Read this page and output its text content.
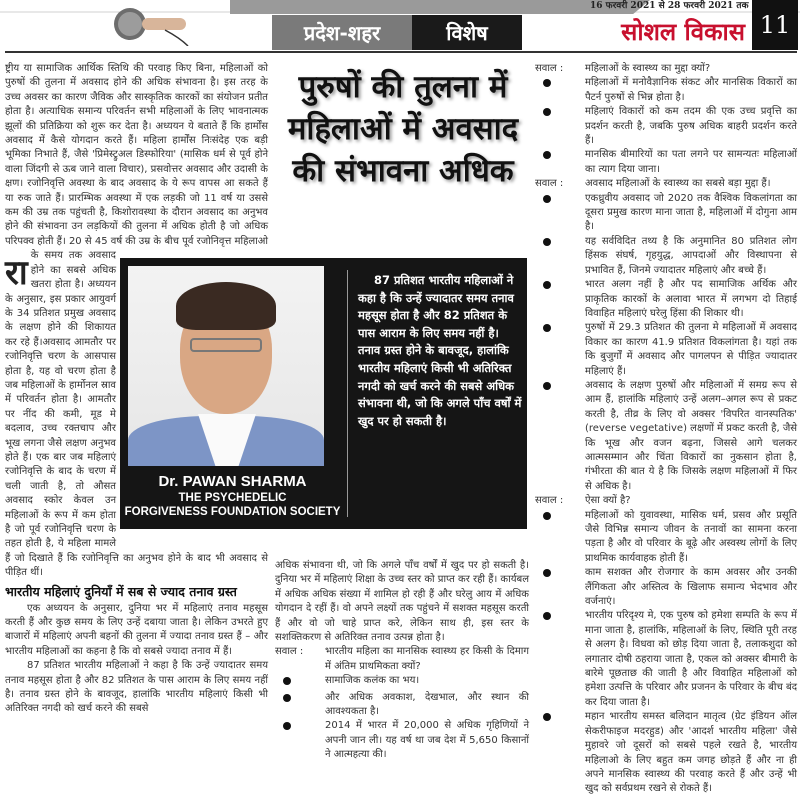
प्रदेश-शहर	विशेष
16 फरवरी 2021 से 28 फरवरी 2021 तक
सोशल विकास 11

रा
ष्ट्रीय या सामाजिक आर्थिक स्तिथि की परवाह किए बिना, महिलाओं को पुरुषों की तुलना में अवसाद होने की अधिक संभावना है। इस तरह के उच्च अवसर का कारण जैविक और सास्कृतिक कारकों का संयोजन प्रतीत होता है। अत्याधिक समान्य परिवर्तन सभी महिलाओं के लिए भावनात्मक झूलों की प्रतिक्रिया को शुरू कर देता है। अध्ययन ये बताते हैं कि हार्मोंस अवसाद में कैसे योगदान करते हैं। महिला हार्मोंस निःसंदेह एक बड़ी भूमिका निभाते हैं, जैसे 'प्रिमेस्ट्रुअल डिस्फोरिया' (मासिक धर्म से पूर्व होने वाला जिंदगी से ऊब जाने वाला विचार), प्रसवोत्तर अवसाद और उदासी के क्षण। रजोनिवृत्ति अवस्था के बाद अवसाद के ये रूप वापस आ सकते हैं या रुक जाते हैं। प्रारम्भिक अवस्था में एक लड़की जो 11 वर्ष या उससे कम की उम्र तक पहुंचती है, किशोरावस्था के दौरान अवसाद का अनुभव होने की संभावना उन लड़कियों की तुलना में अधिक होती है जो अधिक परिपक्व होती हैं। 20 से 45 वर्ष की उम्र के बीच पूर्व रजोनिवृत्त महिलाओ के समय तक अवसाद होने का सबसे अधिक खतरा होता है। अध्ययन के अनुसार, इस प्रकार आयुवर्ग के 34 प्रतिशत प्रमुख अवसाद के लक्षण होने की शिकायत कर रहे हैं।अवसाद आमतौर पर रजोनिवृत्ति चरण के आसपास होता है, यह वो चरण होता है जब महिलाओं के हार्मोनल स्राव में परिवर्तन होता है। आमतौर पर नींद की कमी, मूड मे बदलाव, उच्च रक्तचाप और भूख लगना जैसे लक्षण अनुभव होते हैं। एक बार जब महिलाएं रजोनिवृत्ति के बाद के चरण में चली जाती है, तो औसत अवसाद स्कोर केवल उन महिलाओं के रूप में कम होता है जो पूर्व रजोनिवृत्ति चरण के तहत होती है, ये महिला मामले हैं जो दिखाते हैं कि रजोनिवृत्ति का अनुभव होने के बाद भी अवसाद से पीड़ित थीं।

भारतीय महिलाएं दुनियाँ में सब से ज्याद तनाव ग्रस्त

एक अध्ययन के अनुसार, दुनिया भर में महिलाएं तनाव महसूस करती हैं और कुछ समय के लिए उन्हें दबाया जाता है। लेकिन उभरते हुए बाजारों में महिलाएं अपनी बहनों की तुलना में ज्यादा तनाव ग्रस्त हैं – और भारतीय महिलाओं का कहना है कि वो सबसे ज्यादा तनाव में हैं।

87 प्रतिशत भारतीय महिलाओं ने कहा है कि उन्हें ज्यादातर समय तनाव महसूस होता है और 82 प्रतिशत के पास आराम के लिए समय नहीं है। तनाव ग्रस्त होने के बावजूद, हालांकि भारतीय महिलाएं किसी भी अतिरिक्त नगदी को खर्च करने की सबसे

पुरुषों की तुलना में महिलाओं में अवसाद की संभावना अधिक
Dr. PAWAN SHARMA
THE PSYCHEDELIC
FORGIVENESS FOUNDATION SOCIETY
87 प्रतिशत भारतीय महिलाओं ने कहा है कि उन्हें ज्यादातर समय तनाव महसूस होता है और 82 प्रतिशत के पास आराम के लिए समय नहीं है। तनाव ग्रस्त होने के बावजूद, हालांकि भारतीय महिलाएं किसी भी अतिरिक्त नगदी को खर्च करने की सबसे अधिक संभावना थी, जो कि अगले पाँच वर्षों में खुद पर हो सकती है।

अधिक संभावना थी, जो कि अगले पाँच वर्षों में खुद पर हो सकती है। दुनिया भर में महिलाएं शिक्षा के उच्च स्तर को प्राप्त कर रही हैं। कार्यबल में अधिक अधिक संख्या में शामिल हो रही हैं और घरेलु आय में अधिक योगदान दे रहीं हैं। वो अपने लक्ष्यों तक पहुंचने में सशक्त महसूस करती हैं और वो जो चाहे प्राप्त करे, लेकिन साथ ही, इस स्तर के सशक्तिकरण से अतिरिक्त तनाव उत्पन्न होता है।

सवाल :	भारतीय महिला का मानसिक स्वास्थ्य हर किसी के दिमाग में अंतिम प्राथमिकता क्यों?
सामाजिक कलंक का भय।
और अधिक अवकाश, देखभाल, और स्थान की आवश्यकता है।
2014 में भारत में 20,000 से अधिक गृहिणियों ने अपनी जान ली। यह वर्ष था जब देश में 5,650 किसानों ने आत्महत्या की।
सवाल :	महिलाओं के स्वास्थ्य का मुद्दा क्यों?
महिलाओं में मनोवैज्ञानिक संकट और मानसिक विकारों का पैटर्न पुरुषों से भिन्न होता है।
महिलाएं विकारों को कम तदम की एक उच्च प्रवृत्ति का प्रदर्शन करती है, जबकि पुरुष अधिक बाहरी प्रदर्शन करते हैं।
मानसिक बीमारियों का पता लगने पर सामन्यतः महिलाओं का त्याग दिया जाना।
सवाल :	अवसाद महिलाओं के स्वास्थ्य का सबसे बड़ा मुद्दा हैं।
एकध्रुवीय अवसाद जो 2020 तक वैश्विक विकलांगता का दूसरा प्रमुख कारण माना जाता है, महिलाओं में दोगुना आम है।
यह सर्वविदित तथ्य है कि अनुमानित 80 प्रतिशत लोग हिंसक संघर्ष, गृहयुद्ध, आपदाओं और विस्थापना से प्रभावित हैं, जिनमे ज्यादातर महिलाएं और बच्चे हैं।
भारत अलग नहीं है और पद सामाजिक अर्थिक और प्राकृतिक कारकों के अलावा भारत में लगभग दो तिहाई विवाहित महिलाएं घरेलु हिंसा की शिकार थी।
पुरुषों में 29.3 प्रतिशत की तुलना मे महिलाओं में अवसाद विकार का कारण 41.9 प्रतिशत विकलांगता है। यहां तक कि बुजुर्गों में अवसाद और पागलपन से पीड़ित ज्यादातर महिलाएं हैं।
अवसाद के लक्षण पुरुषों और महिलाओं में समग्र रूप से आम हैं, हालांकि महिलाएं उन्हें अलग–अगल रूप से प्रकट करती है, तीव्र के लिए वो अक्सर 'विपरित वानस्पतिक' (reverse vegetative) लक्षणों में प्रकट करती है, जैसे कि भूख और वजन बढ़ना, जिससे आगे चलकर आत्मसम्मान और चिंता विकारों का नुकसान होता है, गंभीरता की बात ये है कि जिसके लक्षण महिलाओं में फिर से अधिक है।
सवाल :	ऐसा क्यों है?
महिलाओं को युवावस्था, मासिक धर्म, प्रसव और प्रसूति जैसे विभिन्न समान्य जीवन के तनावों का सामना करना पड़ता है और वो परिवार के बूढ़े और अस्वस्थ लोगों के लिए प्राथमिक कार्यवाहक होती हैं।
काम सशक्त और रोजगार के काम अवसर और उनकी लैंगिकता और अस्तित्व के खिलाफ समान्य भेदभाव और वर्जनाएं।
भारतीय परिदृश्य मे, एक पुरुष को हमेशा सम्पति के रूप में माना जाता है, हालांकि, महिलाओं के लिए, स्थिति पूरी तरह से अलग है। विधवा को छोड़ दिया जाता है, तलाकशुदा को लगातार दोषी ठहराया जाता है, एकल को अक्सर बीमारी के बारेमे पूछताछ की जाती है और विवाहित महिलाओं को हमेशा उत्पत्ति के परिवार और प्रजनन के परिवार के बीच बंद कर दिया जाता है।
महान भारतीय समस्त बलिदान मातृत्व (ग्रेट इंडियन ऑल सेकरीफाइज मदरहुड) और 'आदर्श भारतीय महिला' जैसे मुहावरे जो दूसरों को सबसे पहले रखते है, भारतीय महिलाओ के लिए बहुत कम जगह छोड़ते हैं और ना ही अपने मानसिक स्वास्थ्य की परवाह करते हैं और उन्हें भी खुद को सर्वप्रथम रखने से रोकते हैं।
